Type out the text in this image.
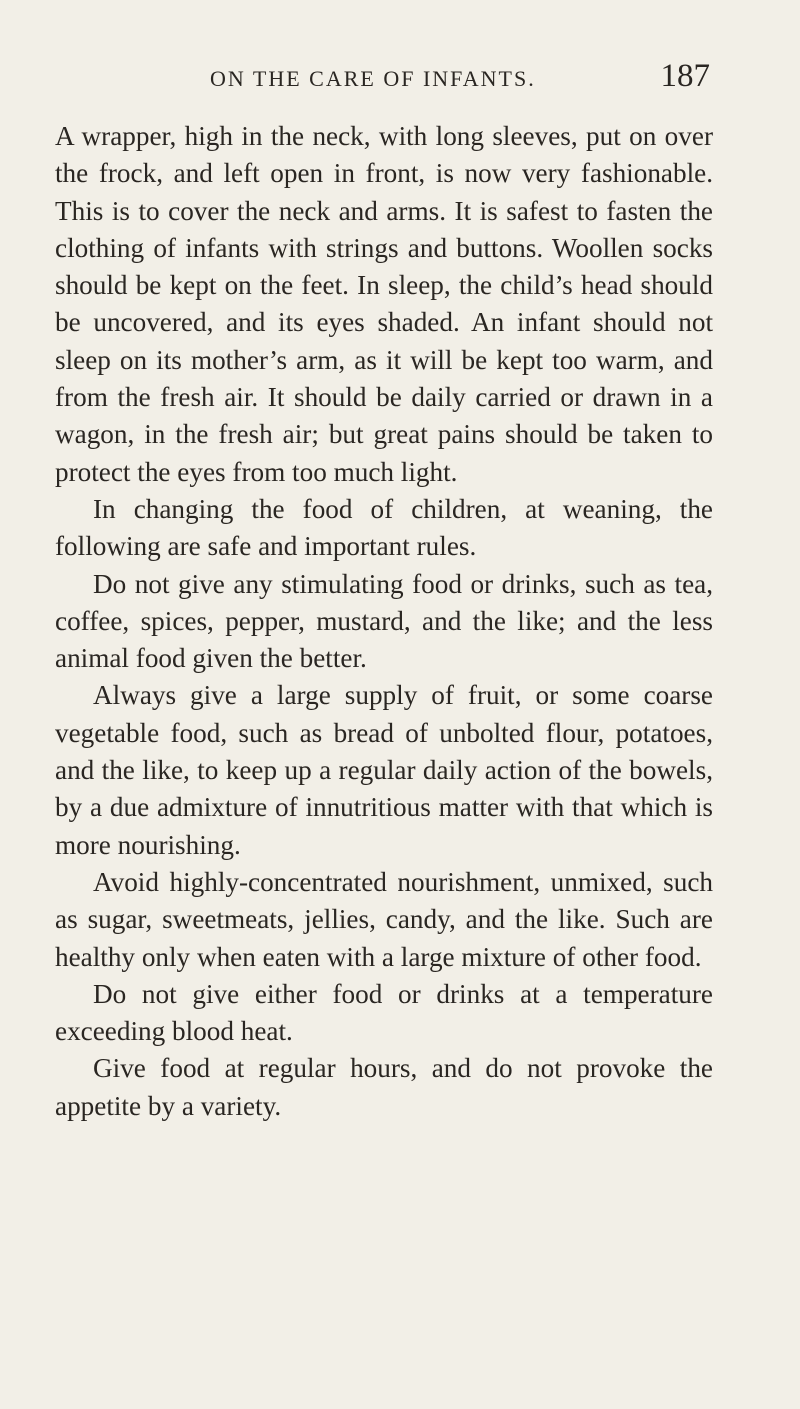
ON THE CARE OF INFANTS.	187

A wrapper, high in the neck, with long sleeves, put on over the frock, and left open in front, is now very fashionable. This is to cover the neck and arms. It is safest to fasten the clothing of infants with strings and buttons. Woollen socks should be kept on the feet. In sleep, the child’s head should be uncovered, and its eyes shaded. An infant should not sleep on its mother’s arm, as it will be kept too warm, and from the fresh air. It should be daily carried or drawn in a wagon, in the fresh air; but great pains should be taken to protect the eyes from too much light.

In changing the food of children, at weaning, the following are safe and important rules.

Do not give any stimulating food or drinks, such as tea, coffee, spices, pepper, mustard, and the like; and the less animal food given the better.

Always give a large supply of fruit, or some coarse vegetable food, such as bread of unbolted flour, potatoes, and the like, to keep up a regular daily action of the bowels, by a due admixture of innutritious matter with that which is more nourishing.

Avoid highly-concentrated nourishment, unmixed, such as sugar, sweetmeats, jellies, candy, and the like. Such are healthy only when eaten with a large mixture of other food.

Do not give either food or drinks at a temperature exceeding blood heat.

Give food at regular hours, and do not provoke the appetite by a variety.
